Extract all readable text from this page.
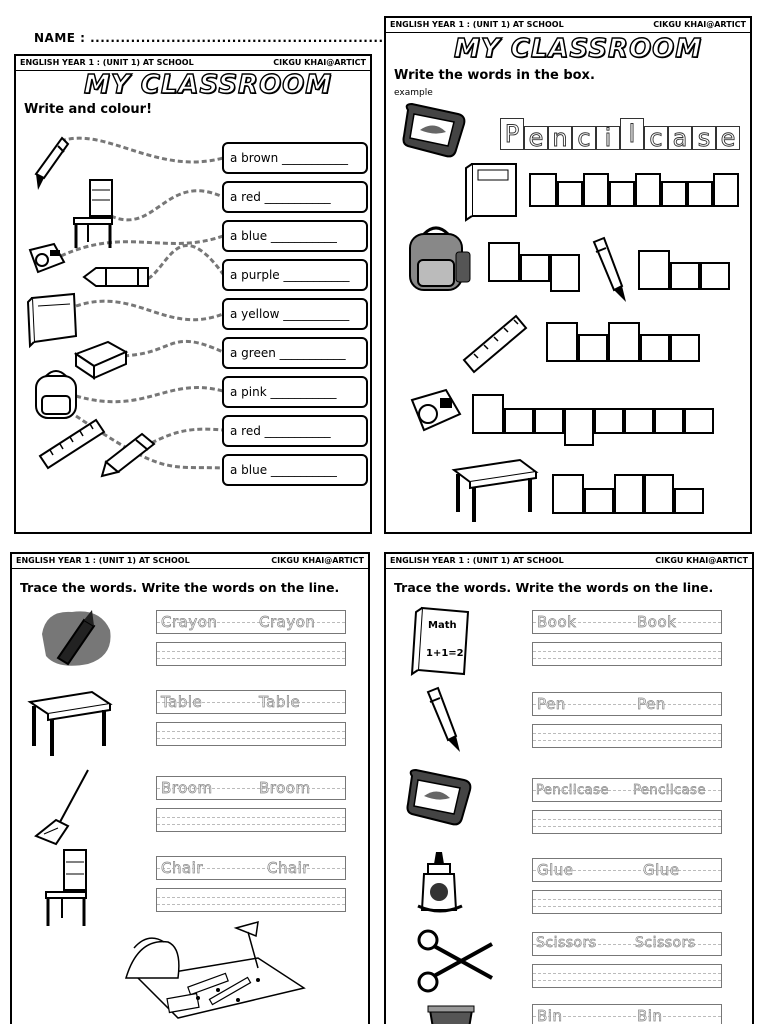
NAME : ..........................................................
ENGLISH YEAR 1 : (UNIT 1) AT SCHOOL	CIKGU KHAI@ARTICT
MY CLASSROOM
Write and colour!
a brown ___________
a red ___________
a blue ___________
a purple ___________
a yellow ___________
a green ___________
a pink ___________
a red ___________
a blue ___________
ENGLISH YEAR 1 : (UNIT 1) AT SCHOOL	CIKGU KHAI@ARTICT
MY CLASSROOM
Write the words in the box.
example
P e n c i l c a s e
ENGLISH YEAR 1 : (UNIT 1) AT SCHOOL	CIKGU KHAI@ARTICT
Trace the words. Write the words on the line.
Crayon	Crayon
Table	Table
Broom	Broom
Chair	Chair
ENGLISH YEAR 1 : (UNIT 1) AT SCHOOL	CIKGU KHAI@ARTICT
Trace the words. Write the words on the line.
Math
1+1=2
Book	Book
Pen	Pen
Pencilcase Pencilcase
Glue	Glue
Scissors	Scissors
Bin	Bin
